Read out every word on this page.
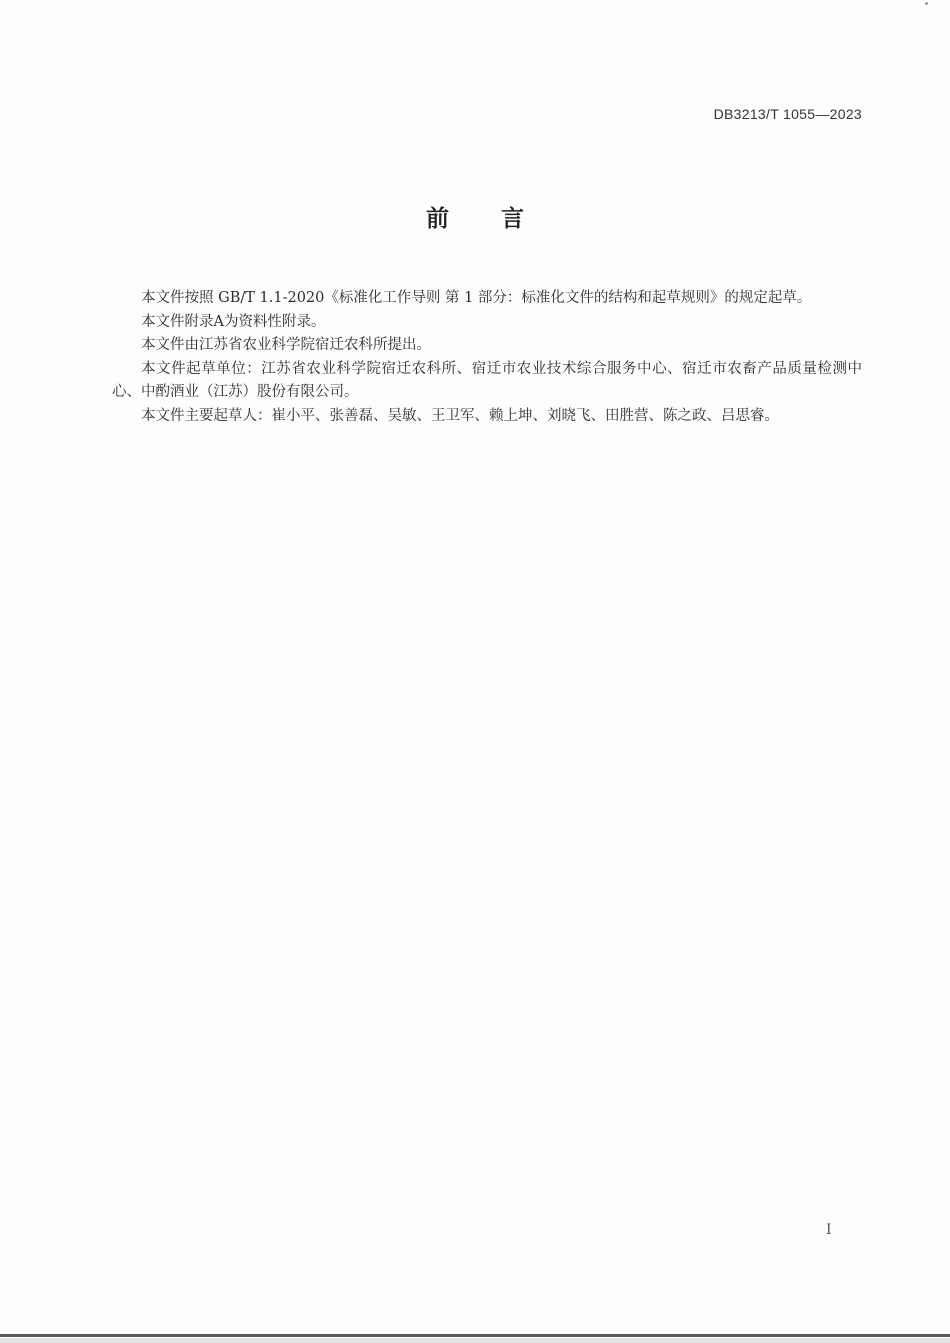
DB3213/T 1055—2023
前言

本文件按照 GB/T 1.1-2020《标准化工作导则 第 1 部分：标准化文件的结构和起草规则》的规定起草。

本文件附录A为资料性附录。

本文件由江苏省农业科学院宿迁农科所提出。

本文件起草单位：江苏省农业科学院宿迁农科所、宿迁市农业技术综合服务中心、宿迁市农畜产品质量检测中心、中酌酒业（江苏）股份有限公司。

本文件主要起草人：崔小平、张善磊、吴敏、王卫军、赖上坤、刘晓飞、田胜营、陈之政、吕思睿。

I
